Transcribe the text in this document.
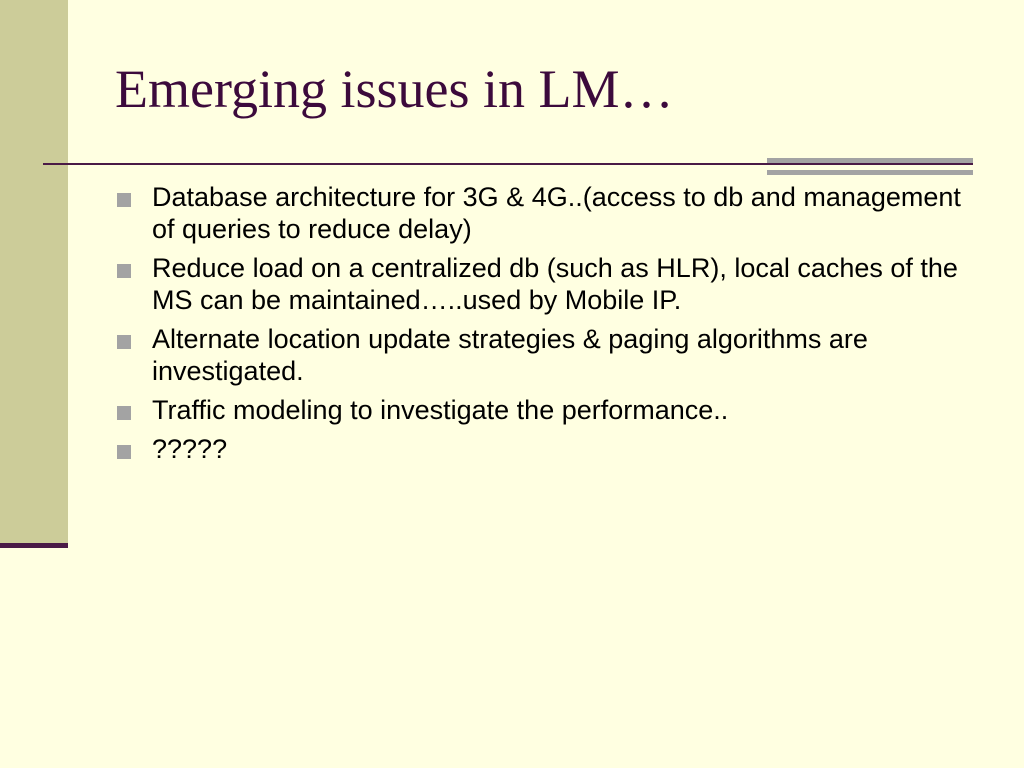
Emerging issues in LM…
Database architecture for 3G & 4G..(access to db and management of queries to reduce delay)
Reduce load on a centralized db (such as HLR), local caches of the MS can be maintained…..used by Mobile IP.
Alternate location update strategies & paging algorithms are investigated.
Traffic modeling to investigate the performance..
?????
